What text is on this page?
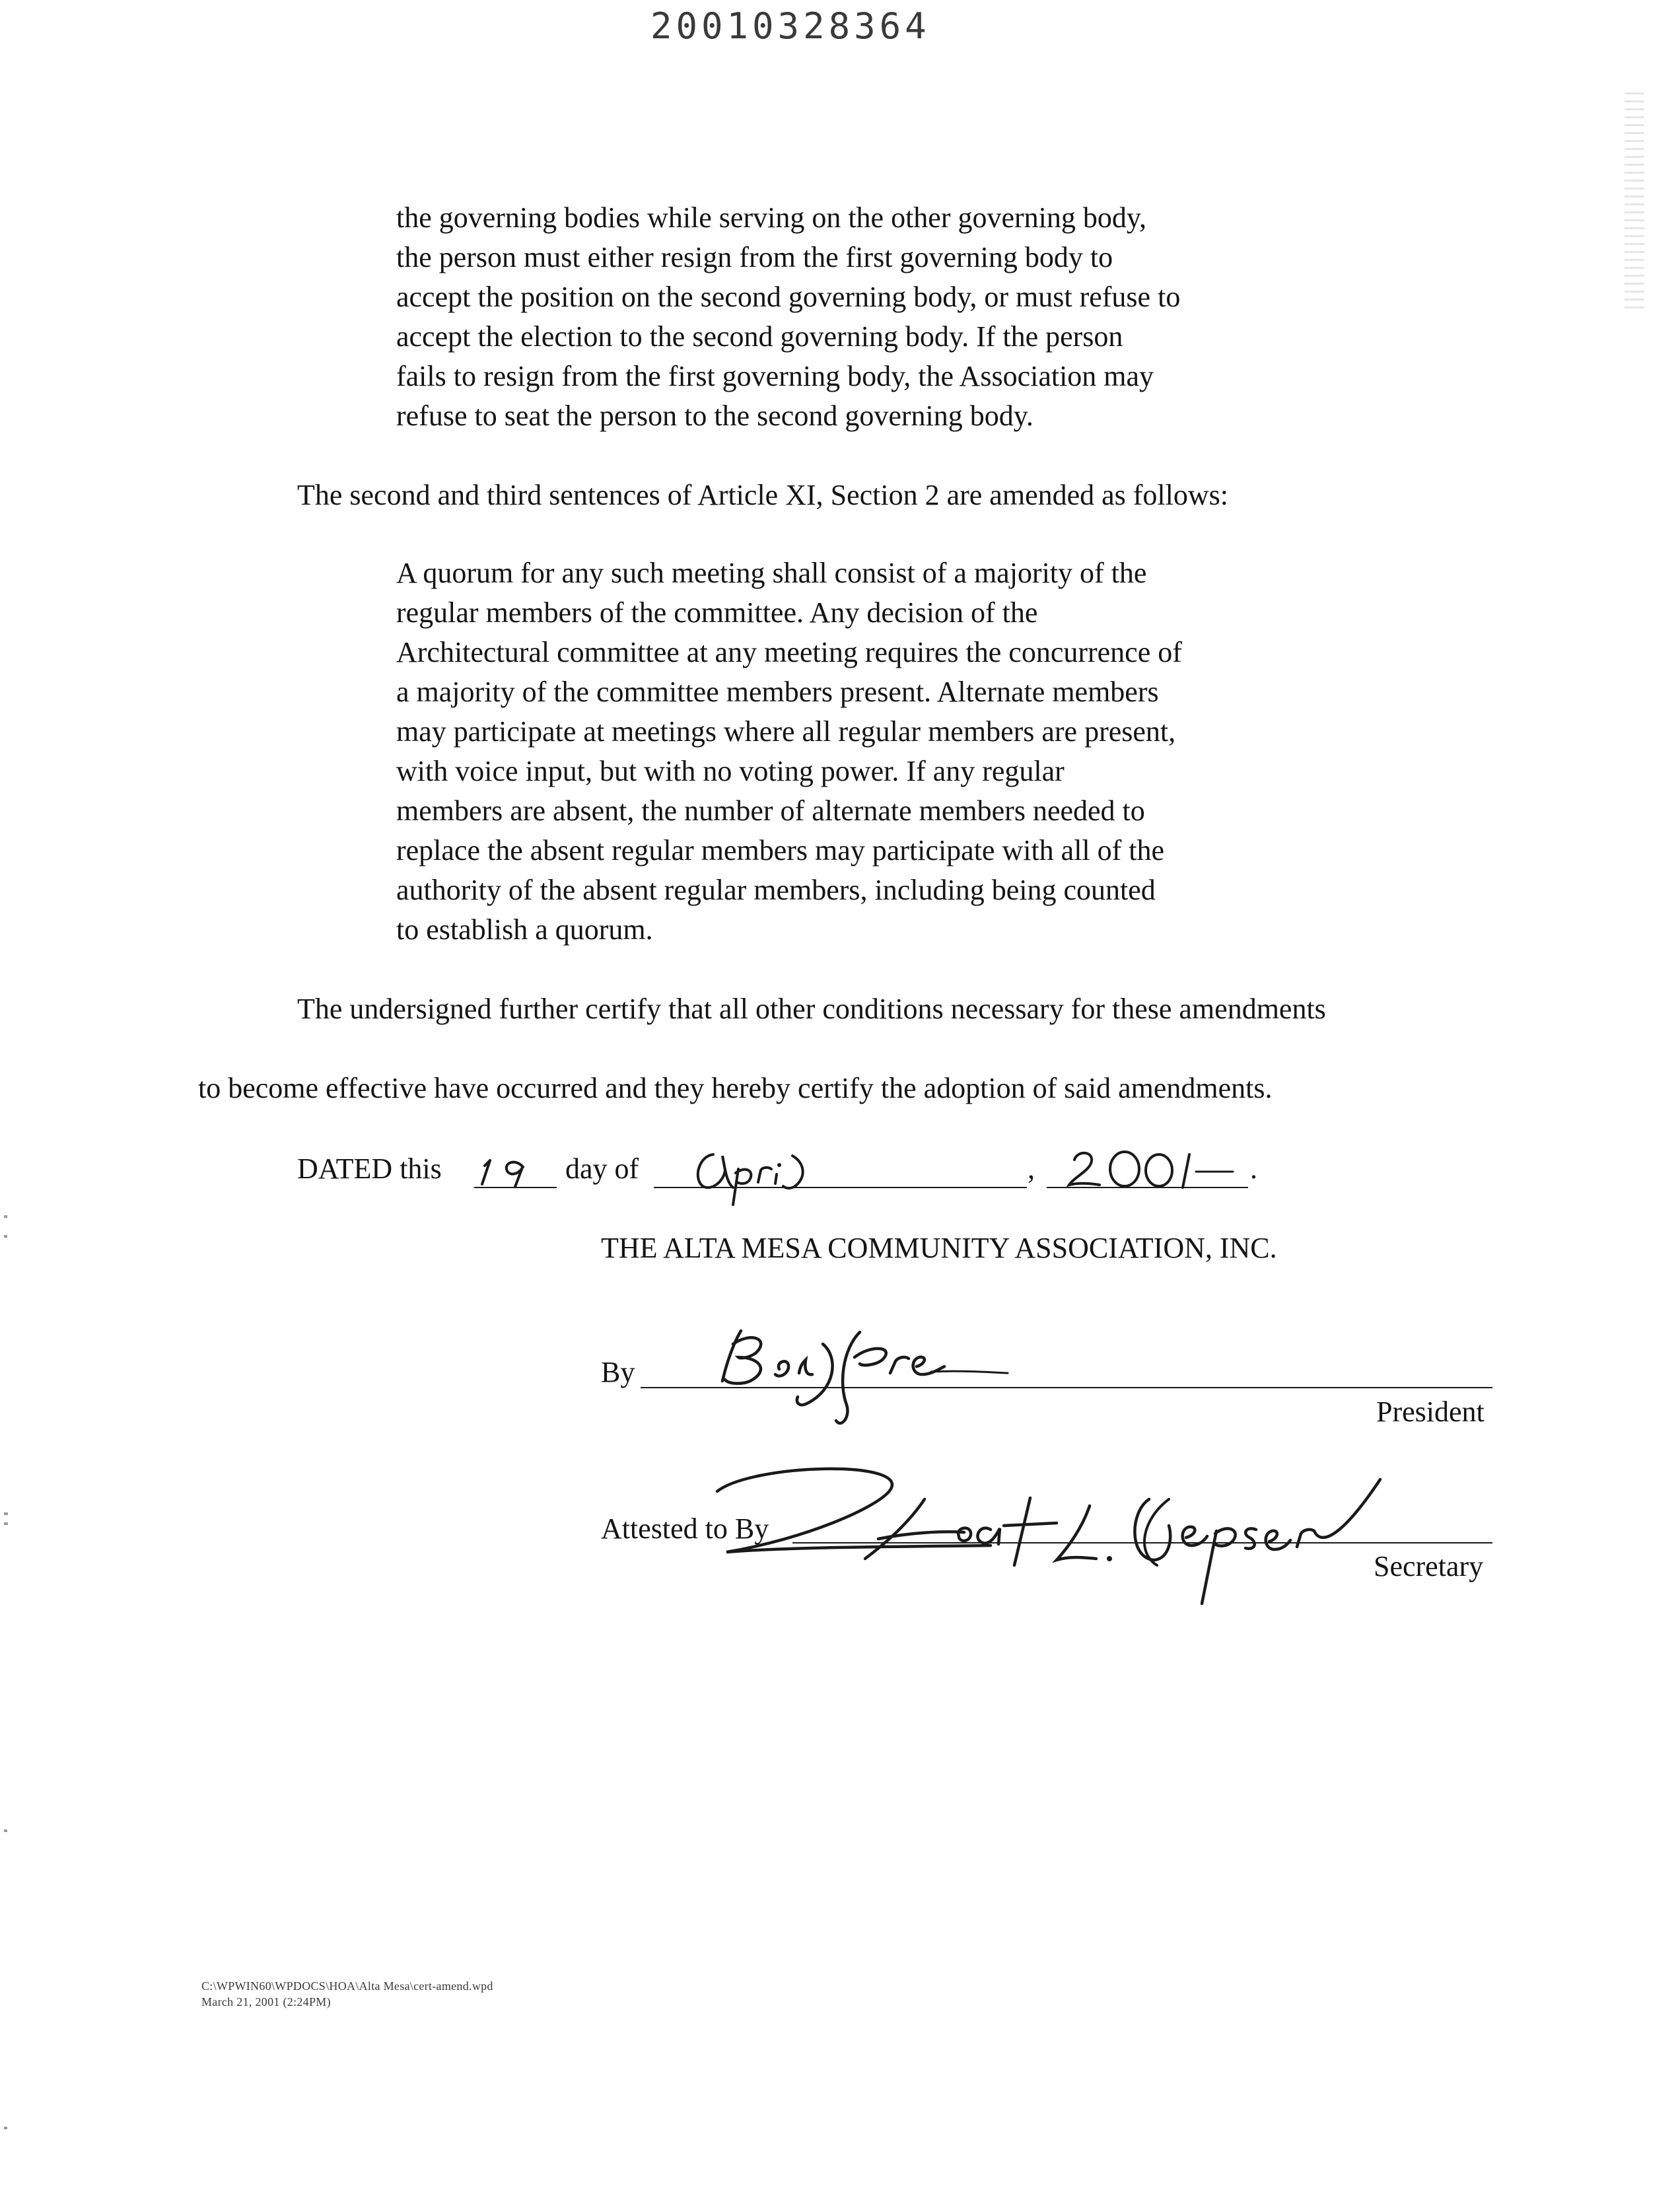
20010328364
the governing bodies while serving on the other governing body,
the person must either resign from the first governing body to
accept the position on the second governing body, or must refuse to
accept the election to the second governing body. If the person
fails to resign from the first governing body, the Association may
refuse to seat the person to the second governing body.
The second and third sentences of Article XI, Section 2 are amended as follows:
A quorum for any such meeting shall consist of a majority of the
regular members of the committee. Any decision of the
Architectural committee at any meeting requires the concurrence of
a majority of the committee members present. Alternate members
may participate at meetings where all regular members are present,
with voice input, but with no voting power. If any regular
members are absent, the number of alternate members needed to
replace the absent regular members may participate with all of the
authority of the absent regular members, including being counted
to establish a quorum.
The undersigned further certify that all other conditions necessary for these amendments
to become effective have occurred and they hereby certify the adoption of said amendments.
DATED this	day of	,	.
THE ALTA MESA COMMUNITY ASSOCIATION, INC.
By
President
Attested to By
Secretary
C:\WPWIN60\WPDOCS\HOA\Alta Mesa\cert-amend.wpd
March 21, 2001 (2:24PM)
